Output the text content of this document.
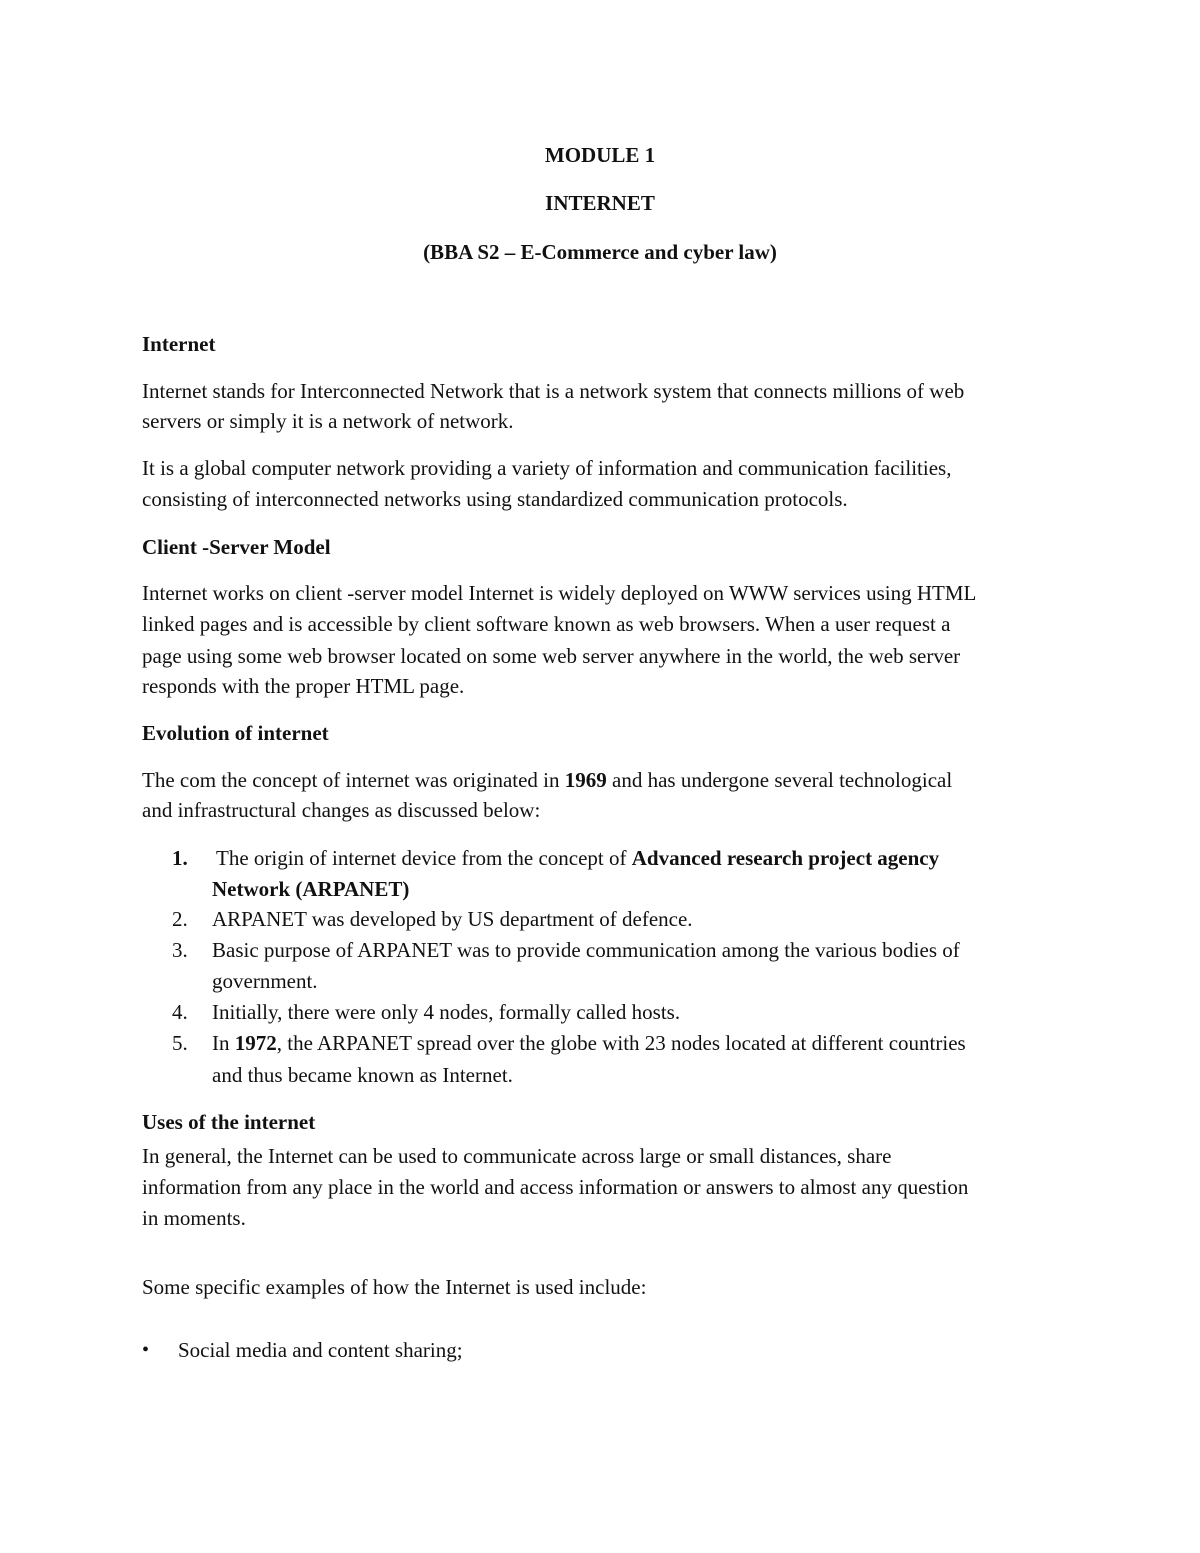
MODULE 1
INTERNET
(BBA S2 – E-Commerce and cyber law)
Internet
Internet stands for Interconnected Network that is a network system that connects millions of web
servers or simply it is a network of network.
It is a global computer network providing a variety of information and communication facilities,
consisting of interconnected networks using standardized communication protocols.
Client -Server Model
Internet works on client -server model Internet is widely deployed on WWW services using HTML
linked pages and is accessible by client software known as web browsers. When a user request a
page using some web browser located on some web server anywhere in the world, the web server
responds with the proper HTML page.
Evolution of internet
The com the concept of internet was originated in 1969 and has undergone several technological
and infrastructural changes as discussed below:
1. The origin of internet device from the concept of Advanced research project agency
Network (ARPANET)
2. ARPANET was developed by US department of defence.
3. Basic purpose of ARPANET was to provide communication among the various bodies of
government.
4. Initially, there were only 4 nodes, formally called hosts.
5. In 1972, the ARPANET spread over the globe with 23 nodes located at different countries
and thus became known as Internet.
Uses of the internet
In general, the Internet can be used to communicate across large or small distances, share
information from any place in the world and access information or answers to almost any question
in moments.
Some specific examples of how the Internet is used include:
• Social media and content sharing;
